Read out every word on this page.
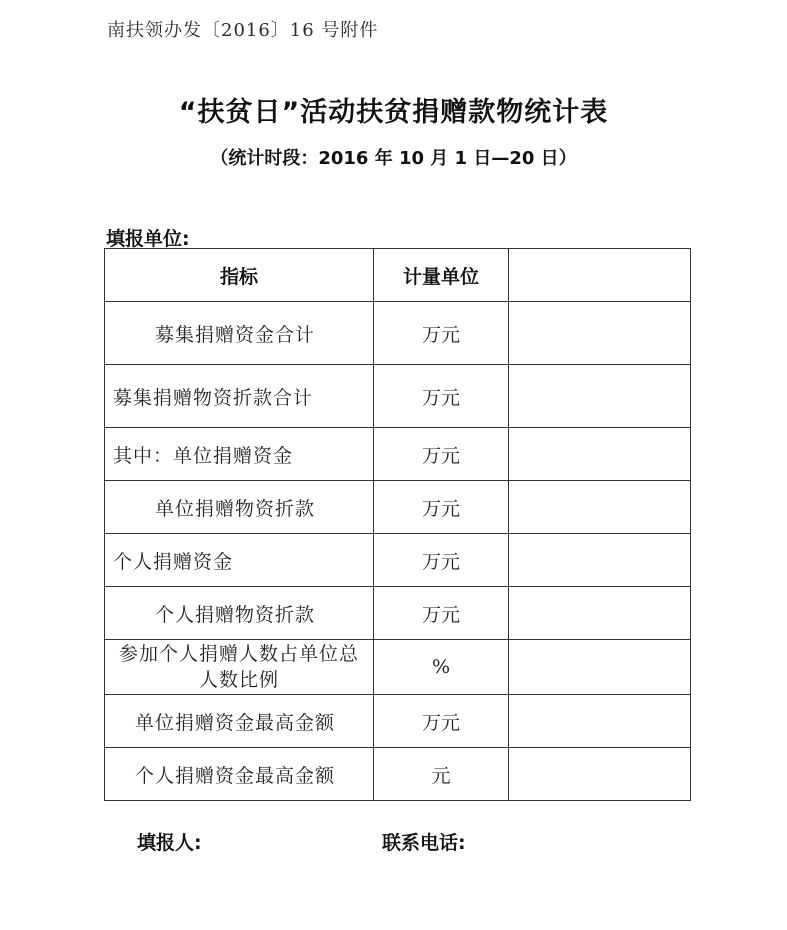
南扶领办发〔2016〕16 号附件
“扶贫日”活动扶贫捐赠款物统计表
（统计时段：2016 年 10 月 1 日—20 日）
填报单位:
指标	计量单位	
募集捐赠资金合计	万元	
募集捐赠物资折款合计	万元	
其中：单位捐赠资金	万元	
单位捐赠物资折款	万元	
个人捐赠资金	万元	
个人捐赠物资折款	万元	
参加个人捐赠人数占单位总人数比例	%	
单位捐赠资金最高金额	万元	
个人捐赠资金最高金额	元	
填报人:	联系电话:
